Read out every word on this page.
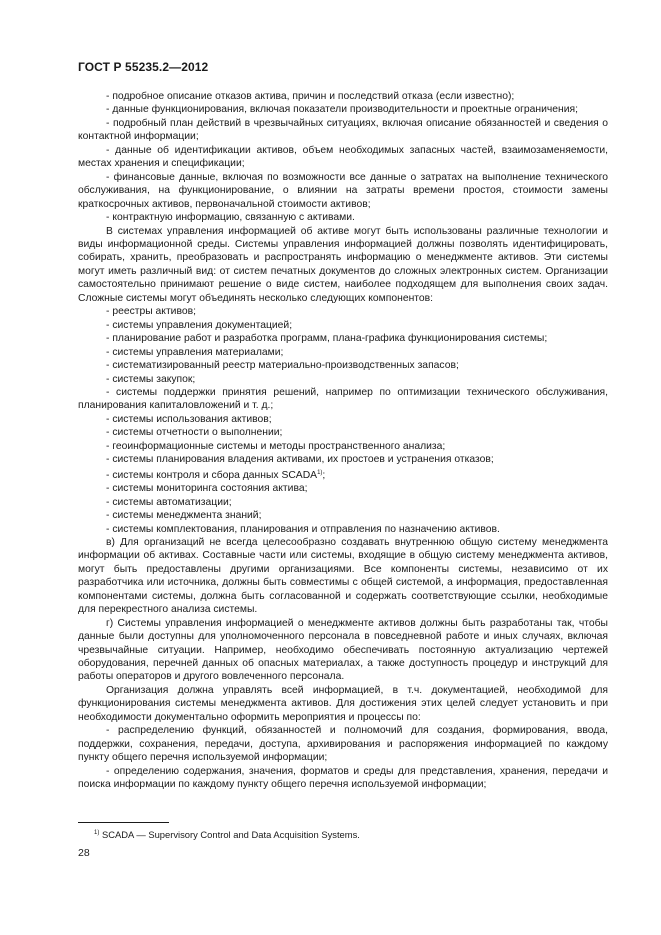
ГОСТ Р 55235.2—2012

- подробное описание отказов актива, причин и последствий отказа (если известно);

- данные функционирования, включая показатели производительности и проектные ограничения;

- подробный план действий в чрезвычайных ситуациях, включая описание обязанностей и сведения о контактной информации;

- данные об идентификации активов, объем необходимых запасных частей, взаимозаменяемости, местах хранения и спецификации;

- финансовые данные, включая по возможности все данные о затратах на выполнение технического обслуживания, на функционирование, о влиянии на затраты времени простоя, стоимости замены краткосрочных активов, первоначальной стоимости активов;

- контрактную информацию, связанную с активами.

В системах управления информацией об активе могут быть использованы различные технологии и виды информационной среды. Системы управления информацией должны позволять идентифицировать, собирать, хранить, преобразовать и распространять информацию о менеджменте активов. Эти системы могут иметь различный вид: от систем печатных документов до сложных электронных систем. Организации самостоятельно принимают решение о виде систем, наиболее подходящем для выполнения своих задач. Сложные системы могут объединять несколько следующих компонентов:

- реестры активов;

- системы управления документацией;

- планирование работ и разработка программ, плана-графика функционирования системы;

- системы управления материалами;

- систематизированный реестр материально-производственных запасов;

- системы закупок;

- системы поддержки принятия решений, например по оптимизации технического обслуживания, планирования капиталовложений и т. д.;

- системы использования активов;

- системы отчетности о выполнении;

- геоинформационные системы и методы пространственного анализа;

- системы планирования владения активами, их простоев и устранения отказов;

- системы контроля и сбора данных SCADA$^{1)}$;

- системы мониторинга состояния актива;

- системы автоматизации;

- системы менеджмента знаний;

- системы комплектования, планирования и отправления по назначению активов.

в) Для организаций не всегда целесообразно создавать внутреннюю общую систему менеджмента информации об активах. Составные части или системы, входящие в общую систему менеджмента активов, могут быть предоставлены другими организациями. Все компоненты системы, независимо от их разработчика или источника, должны быть совместимы с общей системой, а информация, предоставленная компонентами системы, должна быть согласованной и содержать соответствующие ссылки, необходимые для перекрестного анализа системы.

г) Системы управления информацией о менеджменте активов должны быть разработаны так, чтобы данные были доступны для уполномоченного персонала в повседневной работе и иных случаях, включая чрезвычайные ситуации. Например, необходимо обеспечивать постоянную актуализацию чертежей оборудования, перечней данных об опасных материалах, а также доступность процедур и инструкций для работы операторов и другого вовлеченного персонала.

Организация должна управлять всей информацией, в т.ч. документацией, необходимой для функционирования системы менеджмента активов. Для достижения этих целей следует установить и при необходимости документально оформить мероприятия и процессы по:

- распределению функций, обязанностей и полномочий для создания, формирования, ввода, поддержки, сохранения, передачи, доступа, архивирования и распоряжения информацией по каждому пункту общего перечня используемой информации;

- определению содержания, значения, форматов и среды для представления, хранения, передачи и поиска информации по каждому пункту общего перечня используемой информации;

$^{1)}$ SCADA — Supervisory Control and Data Acquisition Systems.
28
